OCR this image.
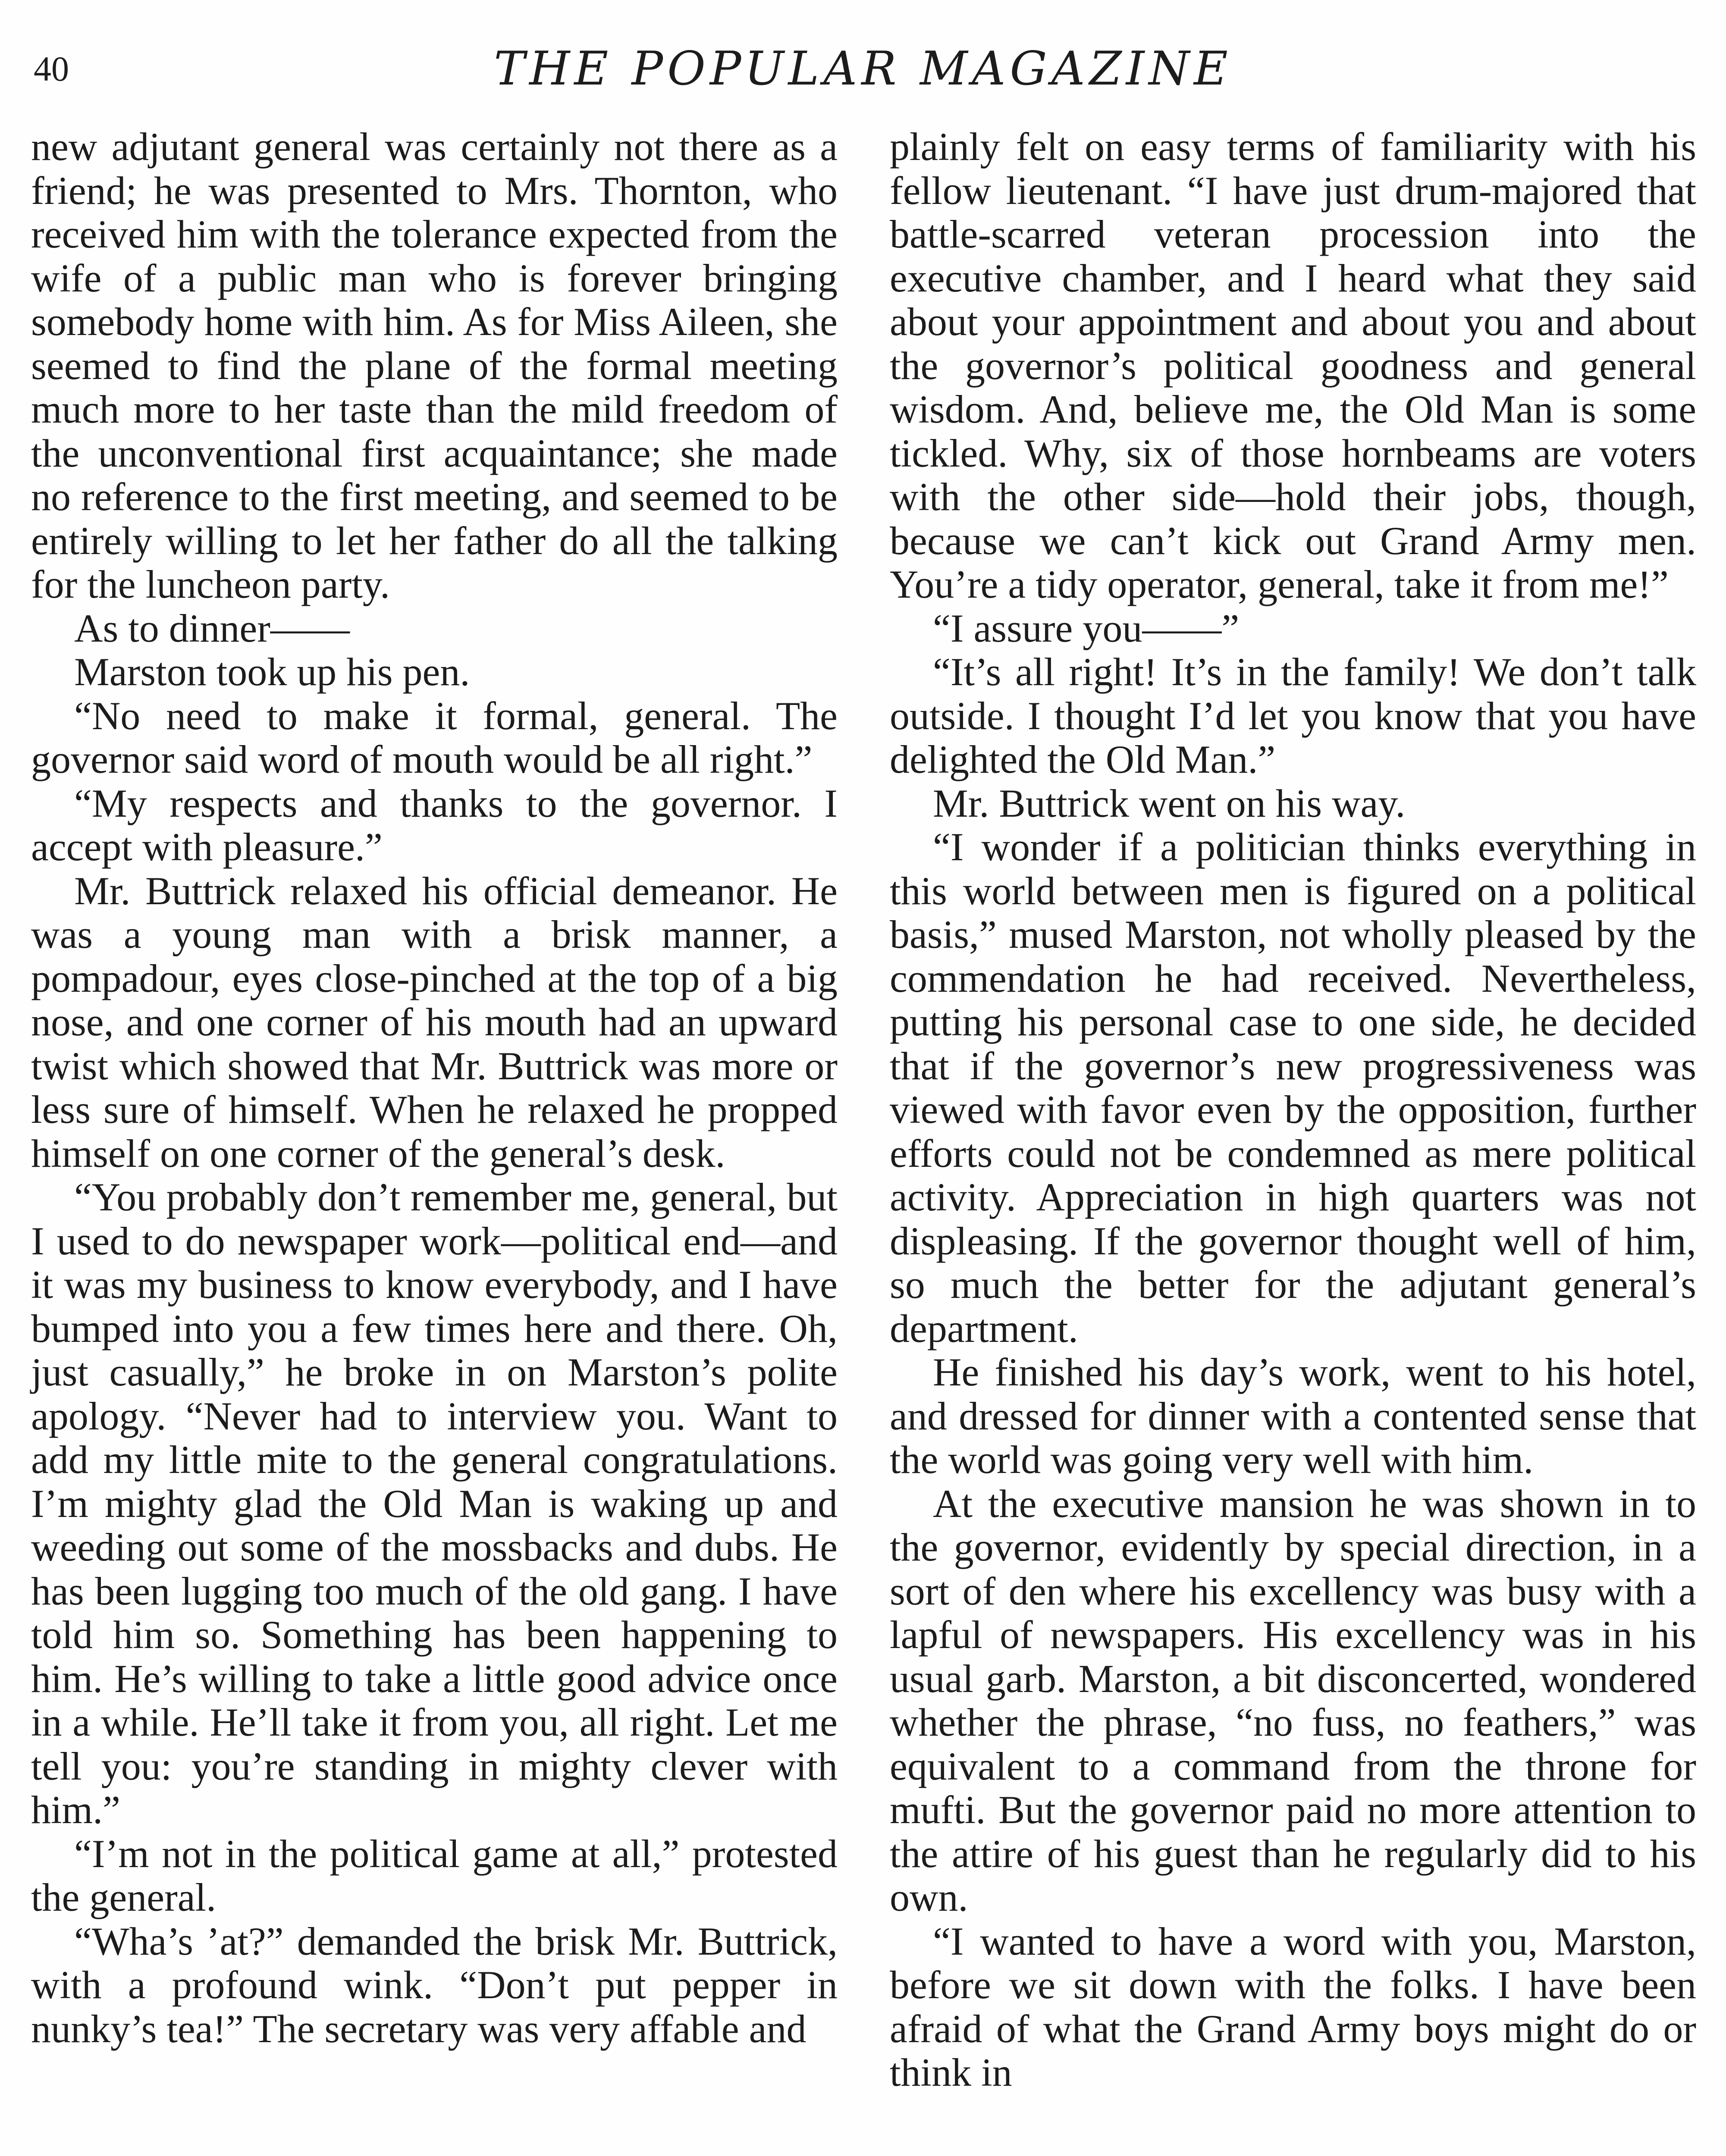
40	THE POPULAR MAGAZINE

new adjutant general was certainly not there as a friend; he was presented to Mrs. Thornton, who received him with the tolerance expected from the wife of a public man who is forever bringing somebody home with him. As for Miss Aileen, she seemed to find the plane of the formal meeting much more to her taste than the mild freedom of the unconventional first acquaintance; she made no reference to the first meeting, and seemed to be entirely willing to let her father do all the talking for the luncheon party.

As to dinner——

Marston took up his pen.

“No need to make it formal, general. The governor said word of mouth would be all right.”

“My respects and thanks to the governor. I accept with pleasure.”

Mr. Buttrick relaxed his official demeanor. He was a young man with a brisk manner, a pompadour, eyes close-pinched at the top of a big nose, and one corner of his mouth had an upward twist which showed that Mr. Buttrick was more or less sure of himself. When he relaxed he propped himself on one corner of the general’s desk.

“You probably don’t remember me, general, but I used to do newspaper work—political end—and it was my business to know everybody, and I have bumped into you a few times here and there. Oh, just casually,” he broke in on Marston’s polite apology. “Never had to interview you. Want to add my little mite to the general congratulations. I’m mighty glad the Old Man is waking up and weeding out some of the mossbacks and dubs. He has been lugging too much of the old gang. I have told him so. Something has been happening to him. He’s willing to take a little good advice once in a while. He’ll take it from you, all right. Let me tell you: you’re standing in mighty clever with him.”

“I’m not in the political game at all,” protested the general.

“Wha’s ’at?” demanded the brisk Mr. Buttrick, with a profound wink. “Don’t put pepper in nunky’s tea!” The secretary was very affable and

plainly felt on easy terms of familiarity with his fellow lieutenant. “I have just drum-majored that battle-scarred veteran procession into the executive chamber, and I heard what they said about your appointment and about you and about the governor’s political goodness and general wisdom. And, believe me, the Old Man is some tickled. Why, six of those hornbeams are voters with the other side—hold their jobs, though, because we can’t kick out Grand Army men. You’re a tidy operator, general, take it from me!”

“I assure you——”

“It’s all right! It’s in the family! We don’t talk outside. I thought I’d let you know that you have delighted the Old Man.”

Mr. Buttrick went on his way.

“I wonder if a politician thinks everything in this world between men is figured on a political basis,” mused Marston, not wholly pleased by the commendation he had received. Nevertheless, putting his personal case to one side, he decided that if the governor’s new progressiveness was viewed with favor even by the opposition, further efforts could not be condemned as mere political activity. Appreciation in high quarters was not displeasing. If the governor thought well of him, so much the better for the adjutant general’s department.

He finished his day’s work, went to his hotel, and dressed for dinner with a contented sense that the world was going very well with him.

At the executive mansion he was shown in to the governor, evidently by special direction, in a sort of den where his excellency was busy with a lapful of newspapers. His excellency was in his usual garb. Marston, a bit disconcerted, wondered whether the phrase, “no fuss, no feathers,” was equivalent to a command from the throne for mufti. But the governor paid no more attention to the attire of his guest than he regularly did to his own.

“I wanted to have a word with you, Marston, before we sit down with the folks. I have been afraid of what the Grand Army boys might do or think in
